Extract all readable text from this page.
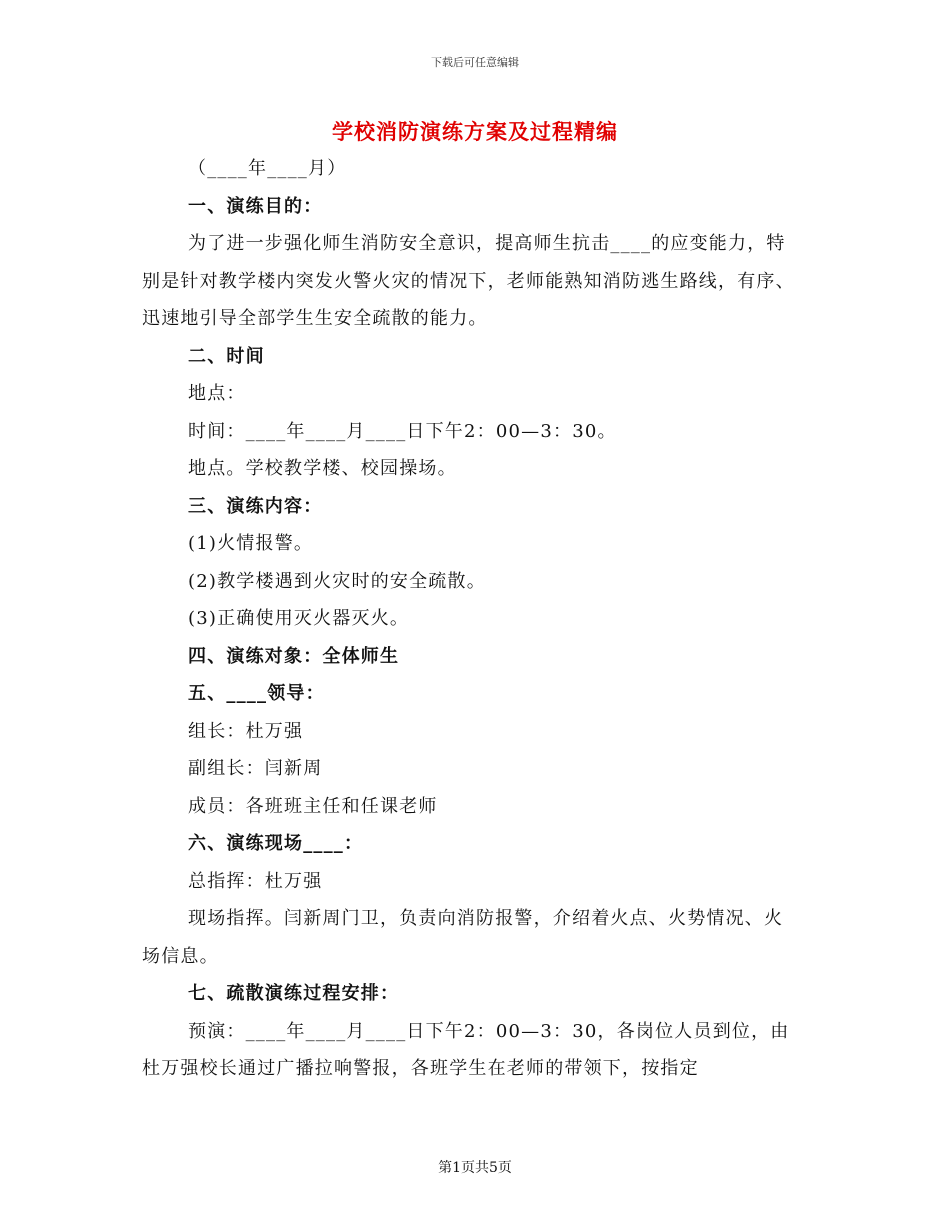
下载后可任意编辑
学校消防演练方案及过程精编

（____年____月）

一、演练目的：

为了进一步强化师生消防安全意识，提高师生抗击____的应变能力，特别是针对教学楼内突发火警火灾的情况下，老师能熟知消防逃生路线，有序、迅速地引导全部学生生安全疏散的能力。

二、时间

地点：

时间：____年____月____日下午2：00—3：30。

地点。学校教学楼、校园操场。

三、演练内容：

(1)火情报警。

(2)教学楼遇到火灾时的安全疏散。

(3)正确使用灭火器灭火。

四、演练对象：全体师生

五、____领导：

组长：杜万强

副组长：闫新周

成员：各班班主任和任课老师

六、演练现场____：

总指挥：杜万强

现场指挥。闫新周门卫，负责向消防报警，介绍着火点、火势情况、火场信息。

七、疏散演练过程安排：

预演：____年____月____日下午2：00—3：30，各岗位人员到位，由杜万强校长通过广播拉响警报，各班学生在老师的带领下，按指定

第1页共5页
